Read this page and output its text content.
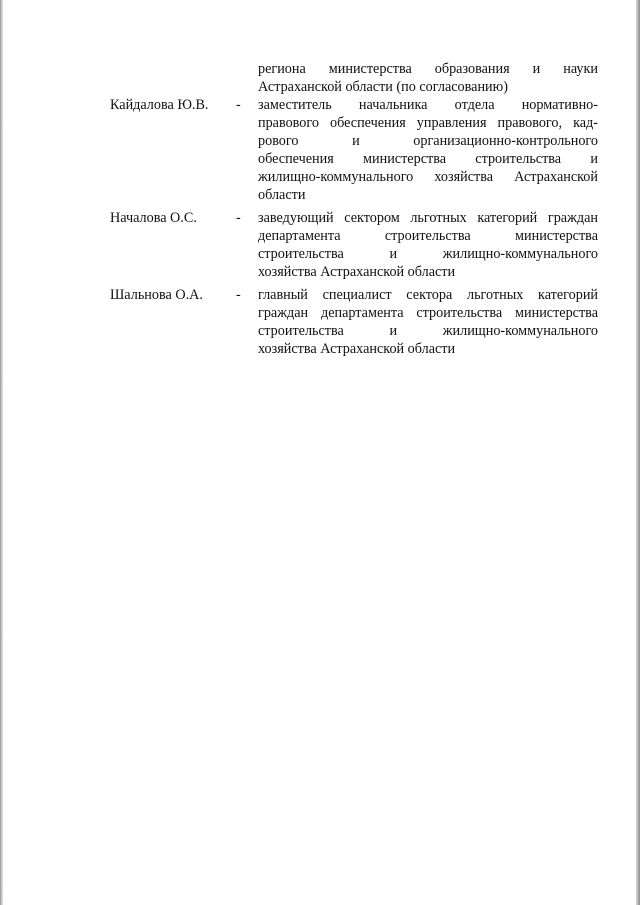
региона министерства образования и науки
Астраханской области (по согласованию)
Кайдалова Ю.В. - заместитель начальника отдела нормативно-
правового обеспечения управления правового, кад-
рового и организационно-контрольного
обеспечения министерства строительства и
жилищно-коммунального хозяйства Астраханской
области
Началова О.С.	- заведующий сектором льготных категорий граждан
департамента строительства министерства
строительства и жилищно-коммунального
хозяйства Астраханской области
Шальнова О.А. - главный специалист сектора льготных категорий
граждан департамента строительства министерства
строительства и жилищно-коммунального
хозяйства Астраханской области
